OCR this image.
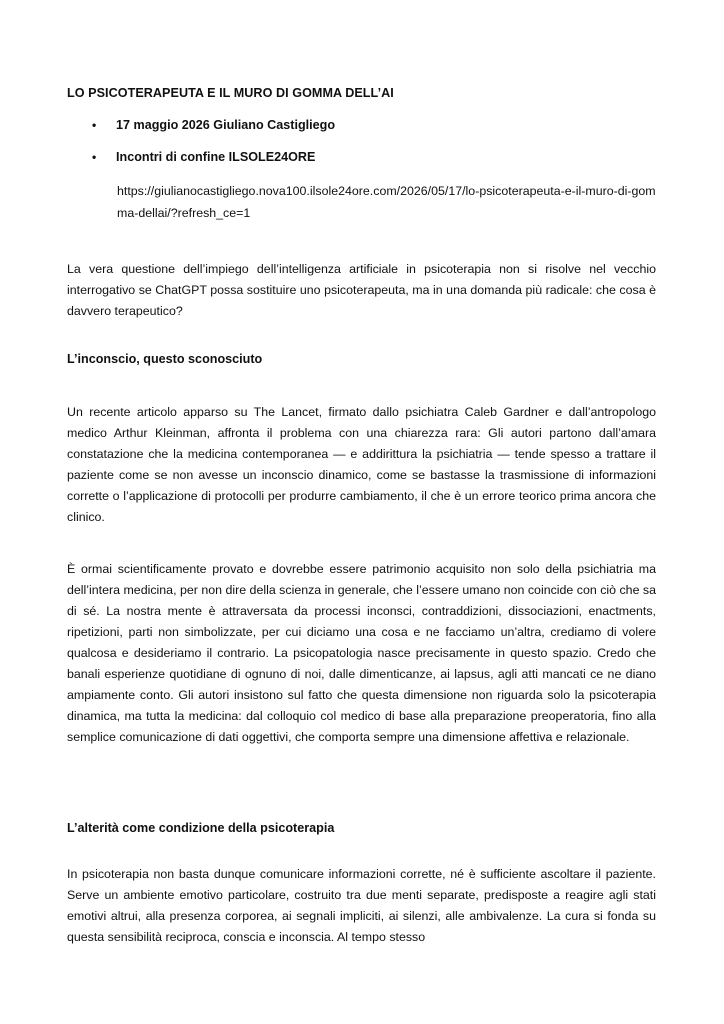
LO PSICOTERAPEUTA E IL MURO DI GOMMA DELL’AI
• 17 maggio 2026 Giuliano Castigliego
• Incontri di confine ILSOLE24ORE
https://giulianocastigliego.nova100.ilsole24ore.com/2026/05/17/lo-psicoterapeuta-e-il-muro-di-gomma-dellai/?refresh_ce=1

La vera questione dell’impiego dell’intelligenza artificiale in psicoterapia non si risolve nel vecchio interrogativo se ChatGPT possa sostituire uno psicoterapeuta, ma in una domanda più radicale: che cosa è davvero terapeutico?

L’inconscio, questo sconosciuto

Un recente articolo apparso su The Lancet, firmato dallo psichiatra Caleb Gardner e dall’antropologo medico Arthur Kleinman, affronta il problema con una chiarezza rara: Gli autori partono dall’amara constatazione che la medicina contemporanea — e addirittura la psichiatria — tende spesso a trattare il paziente come se non avesse un inconscio dinamico, come se bastasse la trasmissione di informazioni corrette o l’applicazione di protocolli per produrre cambiamento, il che è un errore teorico prima ancora che clinico.

È ormai scientificamente provato e dovrebbe essere patrimonio acquisito non solo della psichiatria ma dell’intera medicina, per non dire della scienza in generale, che l’essere umano non coincide con ciò che sa di sé. La nostra mente è attraversata da processi inconsci, contraddizioni, dissociazioni, enactments, ripetizioni, parti non simbolizzate, per cui diciamo una cosa e ne facciamo un’altra, crediamo di volere qualcosa e desideriamo il contrario. La psicopatologia nasce precisamente in questo spazio. Credo che banali esperienze quotidiane di ognuno di noi, dalle dimenticanze, ai lapsus, agli atti mancati ce ne diano ampiamente conto. Gli autori insistono sul fatto che questa dimensione non riguarda solo la psicoterapia dinamica, ma tutta la medicina: dal colloquio col medico di base alla preparazione preoperatoria, fino alla semplice comunicazione di dati oggettivi, che comporta sempre una dimensione affettiva e relazionale.

L’alterità come condizione della psicoterapia

In psicoterapia non basta dunque comunicare informazioni corrette, né è sufficiente ascoltare il paziente. Serve un ambiente emotivo particolare, costruito tra due menti separate, predisposte a reagire agli stati emotivi altrui, alla presenza corporea, ai segnali impliciti, ai silenzi, alle ambivalenze. La cura si fonda su questa sensibilità reciproca, conscia e inconscia. Al tempo stesso
